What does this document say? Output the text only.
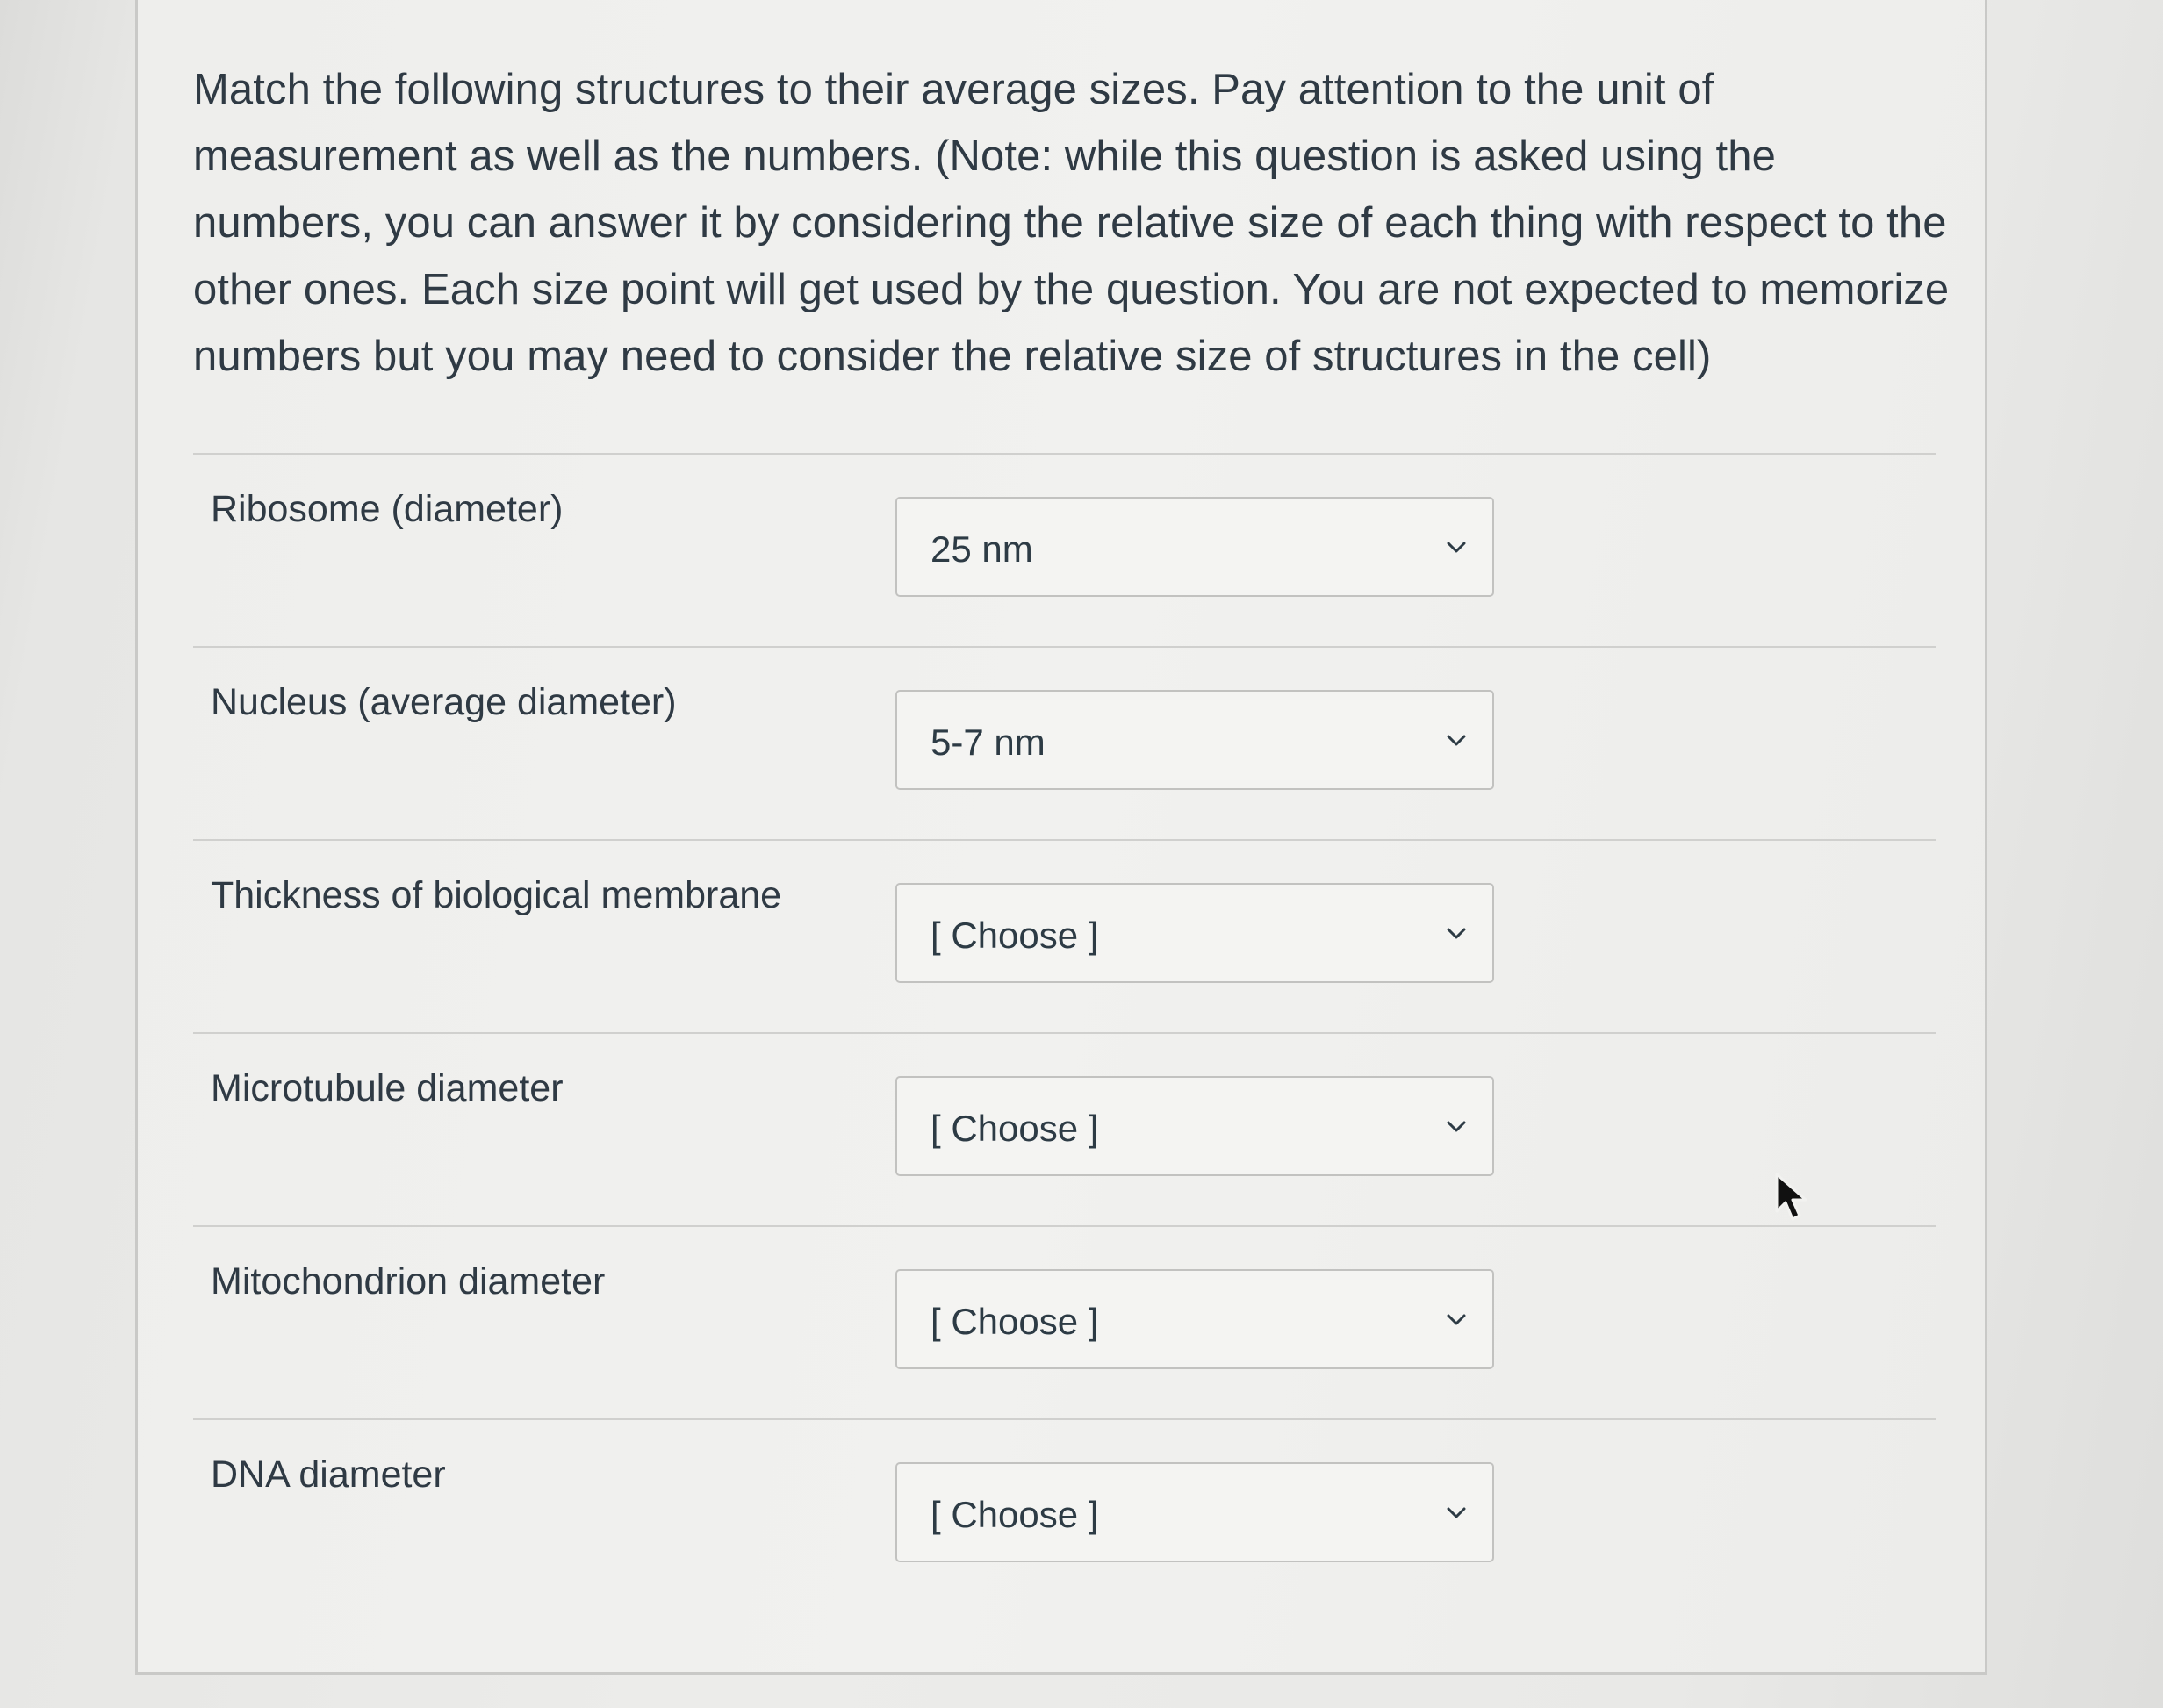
Match the following structures to their average sizes. Pay attention to the unit of measurement as well as the numbers. (Note: while this question is asked using the numbers, you can answer it by considering the relative size of each thing with respect to the other ones. Each size point will get used by the question. You are not expected to memorize numbers but you may need to consider the relative size of structures in the cell)

Ribosome (diameter)
25 nm
Nucleus (average diameter)
5-7 nm
Thickness of biological membrane
[ Choose ]
Microtubule diameter
[ Choose ]
Mitochondrion diameter
[ Choose ]
DNA diameter
[ Choose ]
